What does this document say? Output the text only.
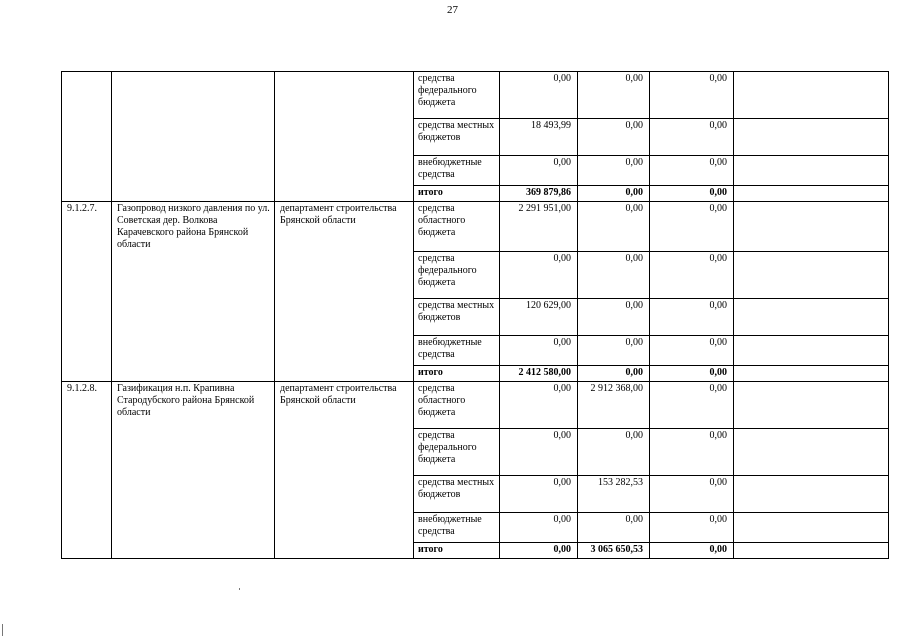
27
			средства федерального бюджета	0,00	0,00	0,00	
			средства местных бюджетов	18 493,99	0,00	0,00	
			внебюджетные средства	0,00	0,00	0,00	
			итого	369 879,86	0,00	0,00	
9.1.2.7.	Газопровод низкого давления по ул. Советская дер. Волкова Карачевского района Брянской области	департамент строительства Брянской области	средства областного бюджета	2 291 951,00	0,00	0,00	
			средства федерального бюджета	0,00	0,00	0,00	
			средства местных бюджетов	120 629,00	0,00	0,00	
			внебюджетные средства	0,00	0,00	0,00	
			итого	2 412 580,00	0,00	0,00	
9.1.2.8.	Газификация н.п. Крапивна Стародубского района Брянской области	департамент строительства Брянской области	средства областного бюджета	0,00	2 912 368,00	0,00	
			средства федерального бюджета	0,00	0,00	0,00	
			средства местных бюджетов	0,00	153 282,53	0,00	
			внебюджетные средства	0,00	0,00	0,00	
			итого	0,00	3 065 650,53	0,00	
